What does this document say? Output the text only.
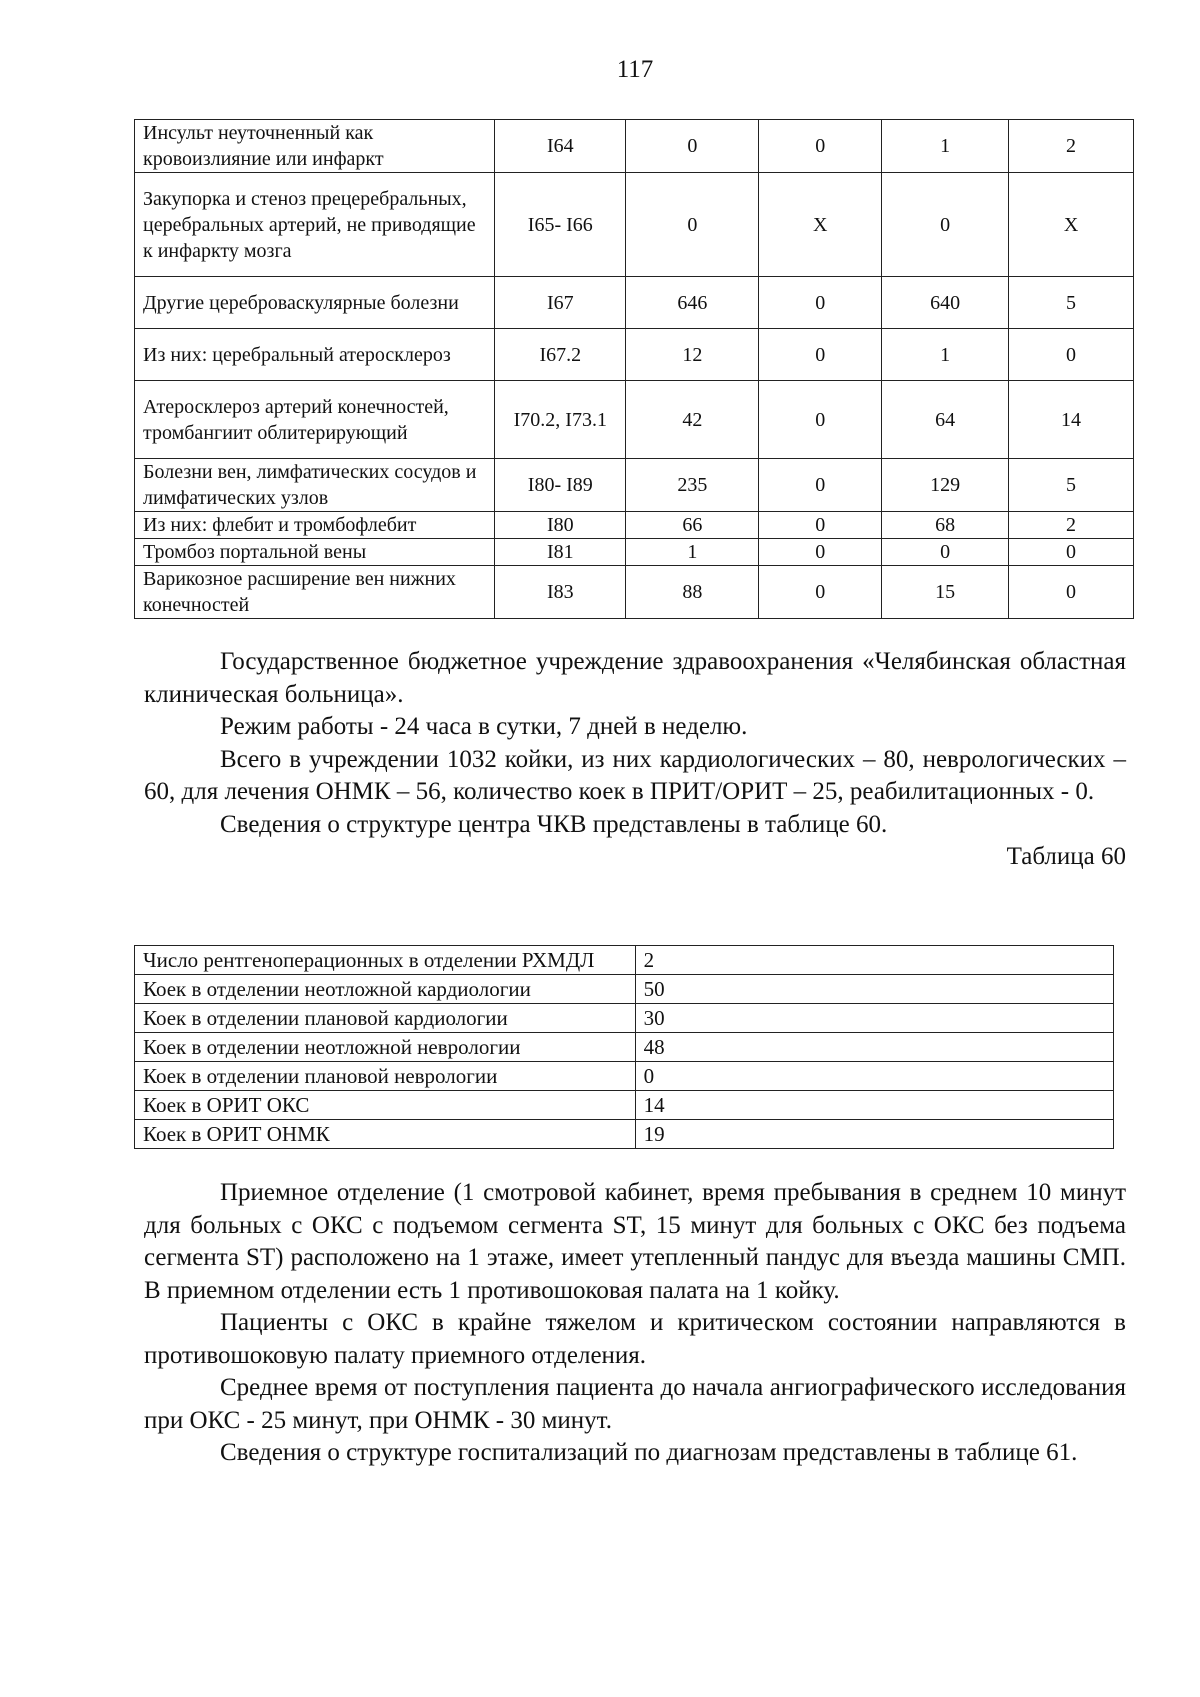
117
Инсульт неуточненный как кровоизлияние или инфаркт	I64	0	0	1	2
Закупорка и стеноз прецеребральных, церебральных артерий, не приводящие к инфаркту мозга	I65- I66	0	X	0	X
Другие цереброваскулярные болезни	I67	646	0	640	5
Из них: церебральный атеросклероз	I67.2	12	0	1	0
Атеросклероз артерий конечностей, тромбангиит облитерирующий	I70.2, I73.1	42	0	64	14
Болезни вен, лимфатических сосудов и лимфатических узлов	I80- I89	235	0	129	5
Из них: флебит и тромбофлебит	I80	66	0	68	2
Тромбоз портальной вены	I81	1	0	0	0
Варикозное расширение вен нижних конечностей	I83	88	0	15	0

Государственное бюджетное учреждение здравоохранения «Челябинская областная клиническая больница».

Режим работы - 24 часа в сутки, 7 дней в неделю.

Всего в учреждении 1032 койки, из них кардиологических – 80, неврологических – 60, для лечения ОНМК – 56, количество коек в ПРИТ/ОРИТ – 25, реабилитационных - 0.

Сведения о структуре центра ЧКВ представлены в таблице 60.

Таблица 60

Число рентгеноперационных в отделении РХМДЛ	2
Коек в отделении неотложной кардиологии	50
Коек в отделении плановой кардиологии	30
Коек в отделении неотложной неврологии	48
Коек в отделении плановой неврологии	0
Коек в ОРИТ ОКС	14
Коек в ОРИТ ОНМК	19

Приемное отделение (1 смотровой кабинет, время пребывания в среднем 10 минут для больных с ОКС с подъемом сегмента ST, 15 минут для больных с ОКС без подъема сегмента ST) расположено на 1 этаже, имеет утепленный пандус для въезда машины СМП. В приемном отделении есть 1 противошоковая палата на 1 койку.

Пациенты с ОКС в крайне тяжелом и критическом состоянии направляются в противошоковую палату приемного отделения.

Среднее время от поступления пациента до начала ангиографического исследования при ОКС - 25 минут, при ОНМК - 30 минут.

Сведения о структуре госпитализаций по диагнозам представлены в таблице 61.
